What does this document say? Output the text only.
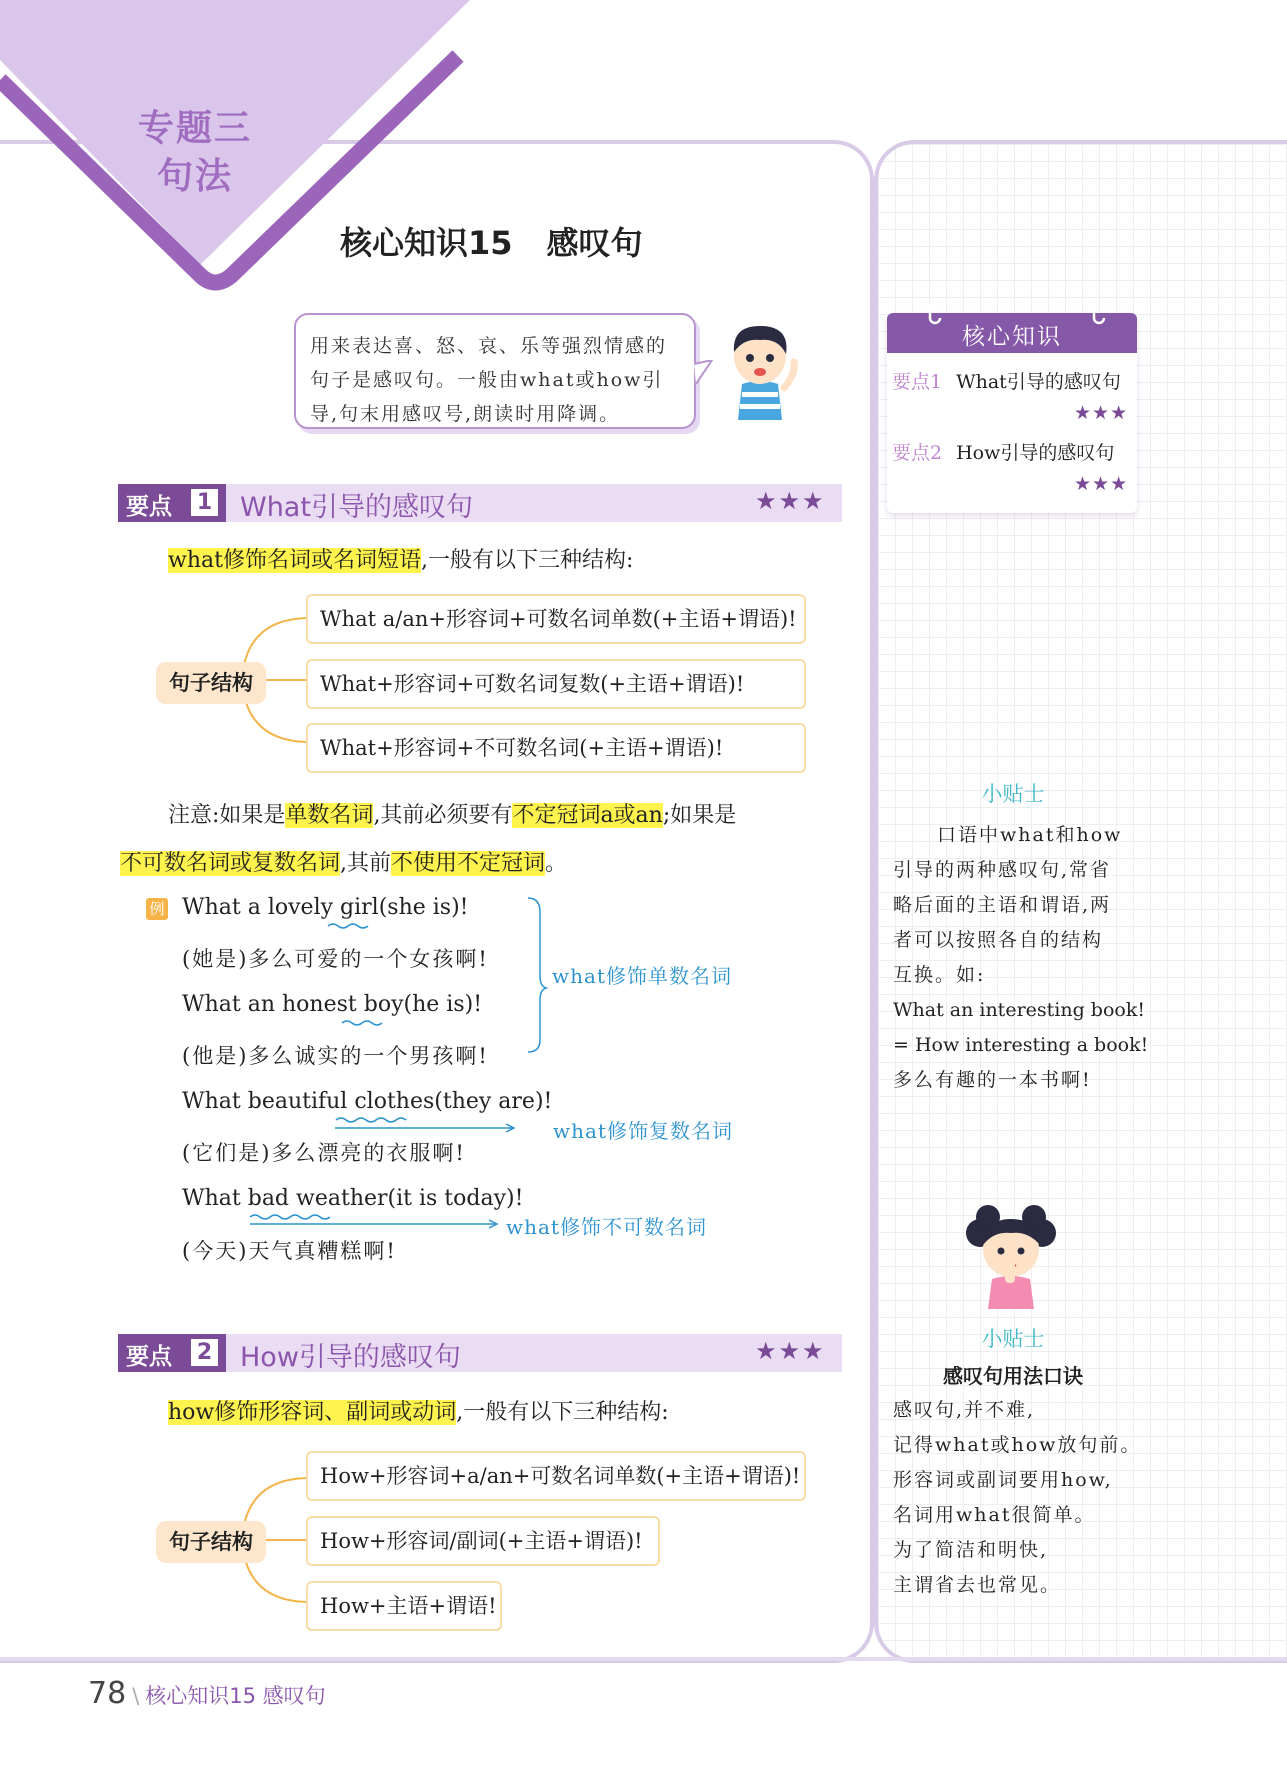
专题三
句法
核心知识15 感叹句
用来表达喜、怒、哀、乐等强烈情感的
句子是感叹句。一般由what或how引
导,句末用感叹号,朗读时用降调。
要点 1 What引导的感叹句	★★★
what修饰名词或名词短语,一般有以下三种结构:
句子结构
What a/an+形容词+可数名词单数(+主语+谓语)!
What+形容词+可数名词复数(+主语+谓语)!
What+形容词+不可数名词(+主语+谓语)!
注意:如果是单数名词,其前必须要有不定冠词a或an;如果是
不可数名词或复数名词,其前不使用不定冠词。
例 What a lovely girl(she is)!
(她是)多么可爱的一个女孩啊!
What an honest boy(he is)!
(他是)多么诚实的一个男孩啊!
What beautiful clothes(they are)!
(它们是)多么漂亮的衣服啊!
What bad weather(it is today)!
(今天)天气真糟糕啊!
what修饰单数名词
what修饰复数名词
what修饰不可数名词
要点 2 How引导的感叹句	★★★
how修饰形容词、副词或动词,一般有以下三种结构:
句子结构
How+形容词+a/an+可数名词单数(+主语+谓语)!
How+形容词/副词(+主语+谓语)!
How+主语+谓语!
核心知识
要点1 What引导的感叹句
★★★
要点2 How引导的感叹句
★★★
小贴士
口语中what和how
引导的两种感叹句,常省
略后面的主语和谓语,两
者可以按照各自的结构
互换。如:
What an interesting book!
= How interesting a book!
多么有趣的一本书啊!
小贴士
感叹句用法口诀
感叹句,并不难,
记得what或how放句前。
形容词或副词要用how,
名词用what很简单。
为了简洁和明快,
主谓省去也常见。
78 \ 核心知识15 感叹句
